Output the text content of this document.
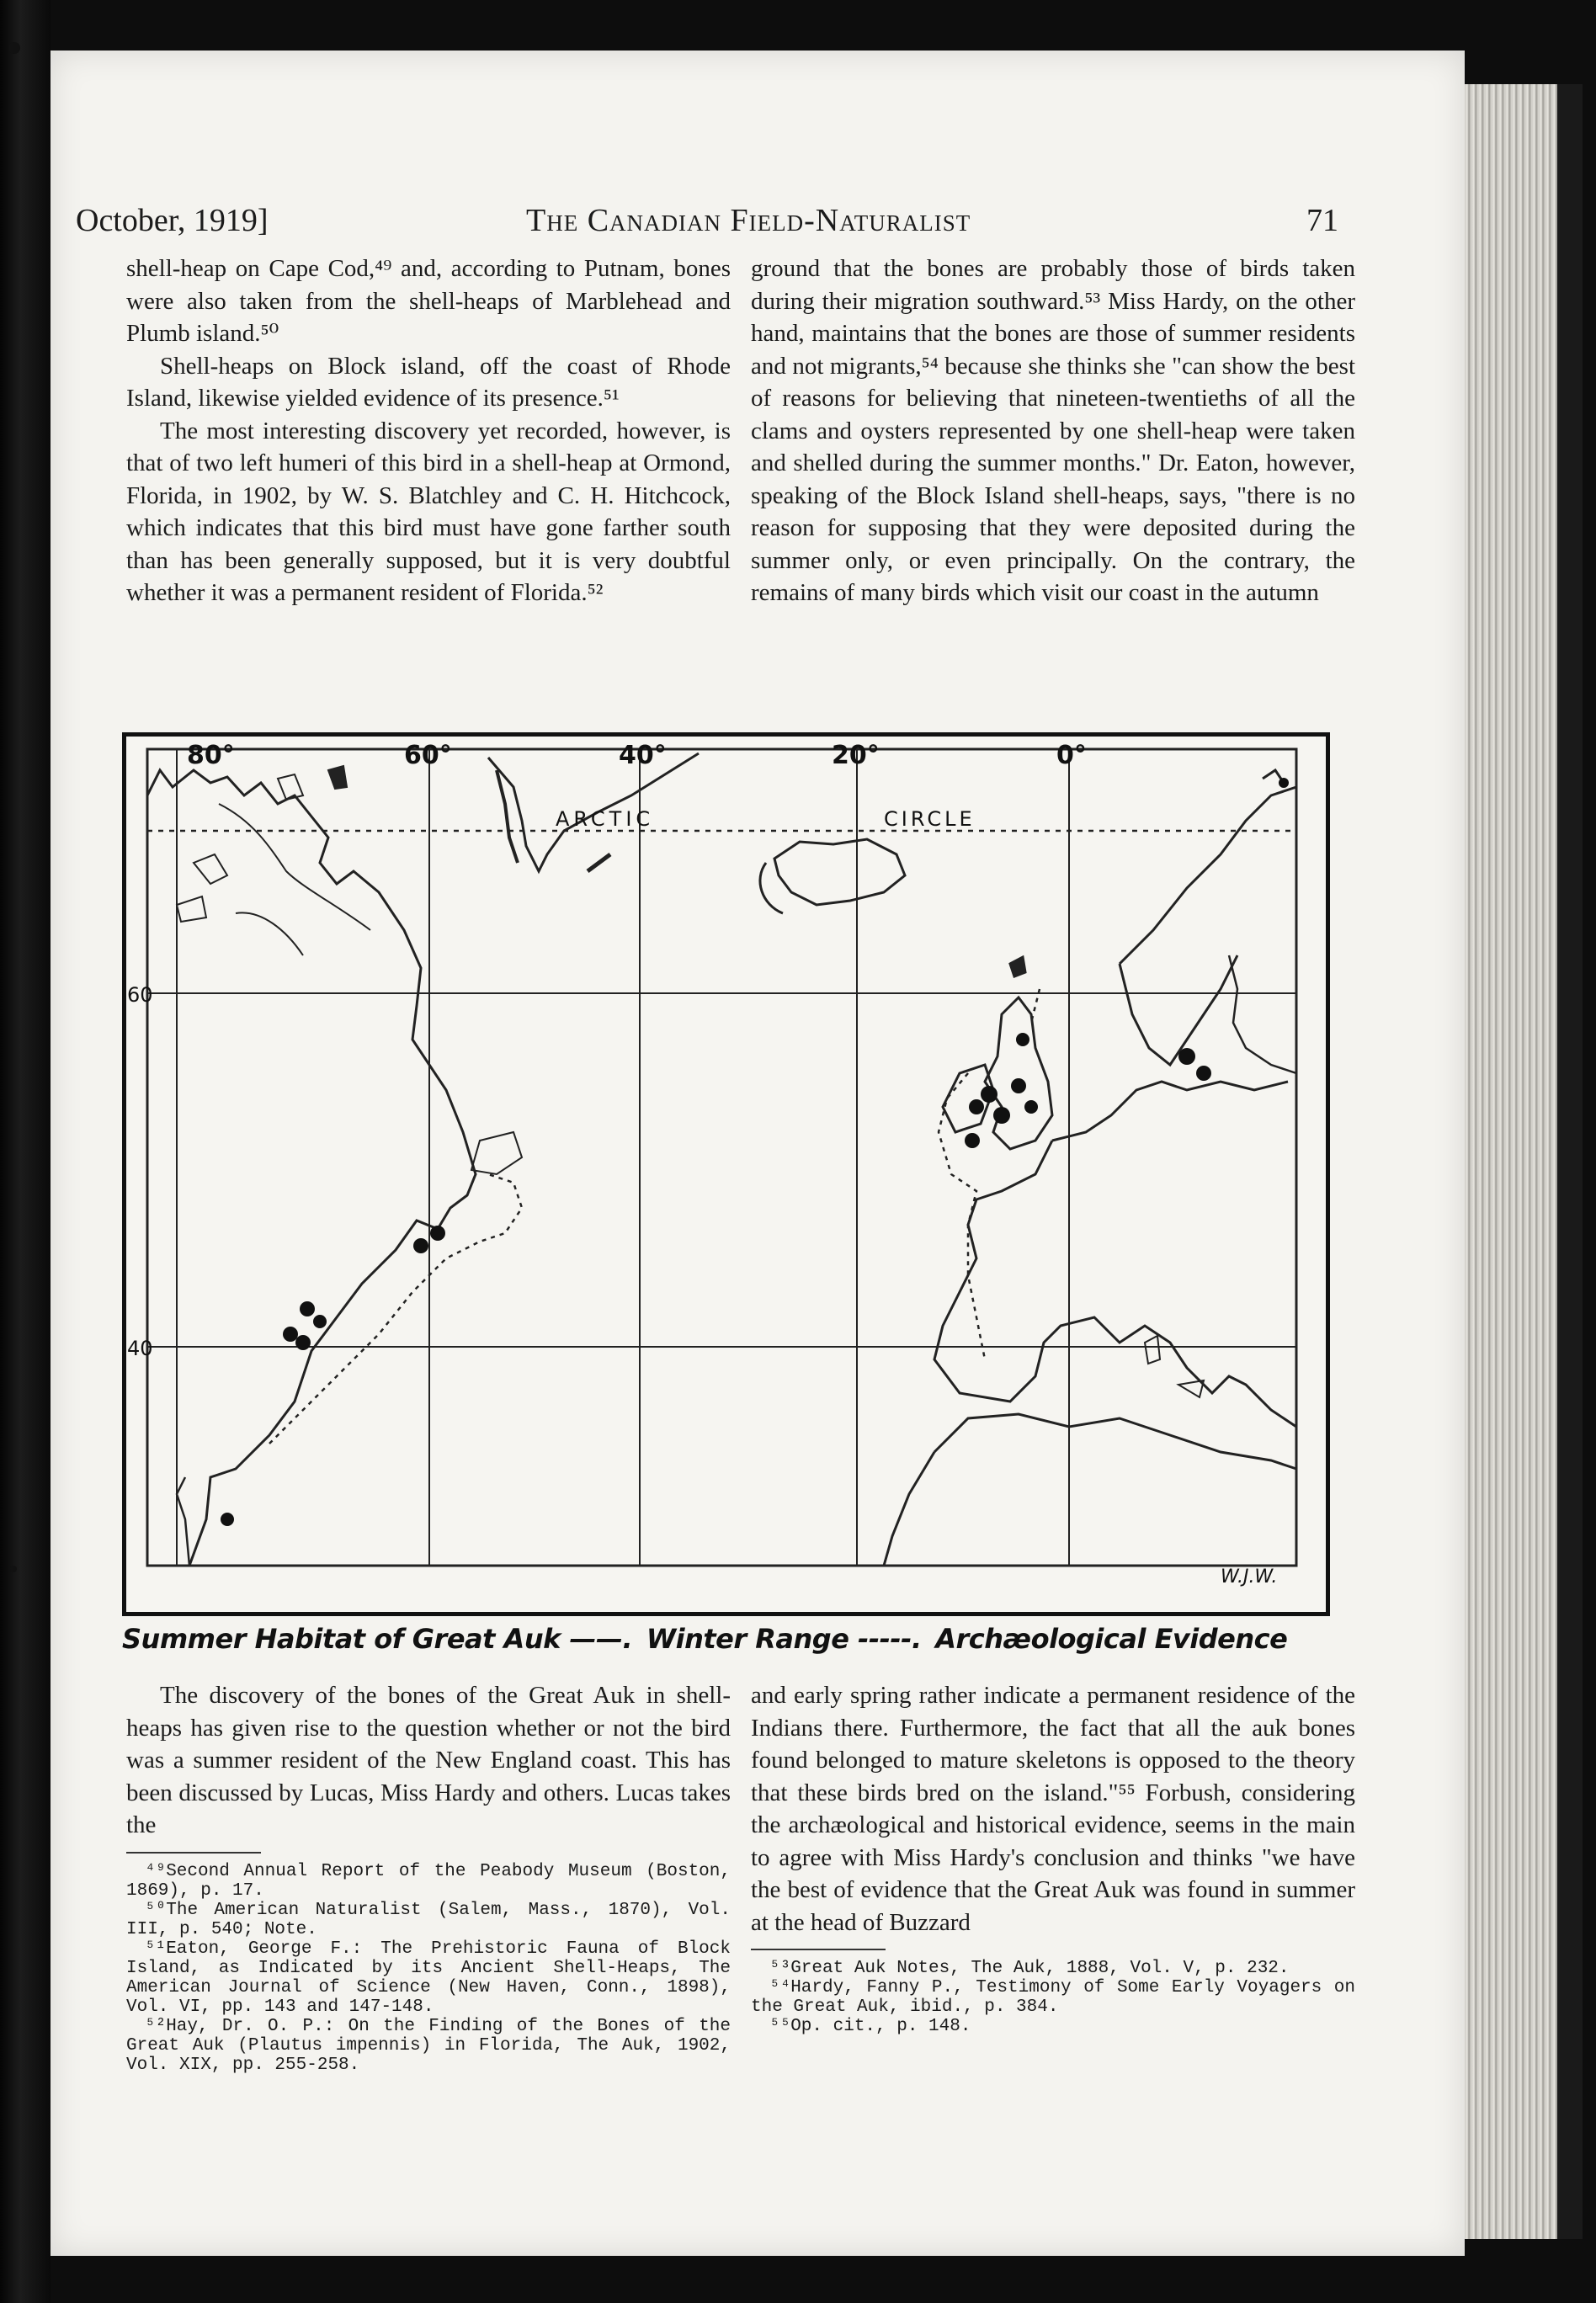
October, 1919]	The Canadian Field-Naturalist	71

shell-heap on Cape Cod,⁴⁹ and, according to Putnam, bones were also taken from the shell-heaps of Marblehead and Plumb island.⁵⁰

Shell-heaps on Block island, off the coast of Rhode Island, likewise yielded evidence of its presence.⁵¹

The most interesting discovery yet recorded, however, is that of two left humeri of this bird in a shell-heap at Ormond, Florida, in 1902, by W. S. Blatchley and C. H. Hitchcock, which indicates that this bird must have gone farther south than has been generally supposed, but it is very doubtful whether it was a permanent resident of Florida.⁵²

ground that the bones are probably those of birds taken during their migration southward.⁵³ Miss Hardy, on the other hand, maintains that the bones are those of summer residents and not migrants,⁵⁴ because she thinks she "can show the best of reasons for believing that nineteen-twentieths of all the clams and oysters represented by one shell-heap were taken and shelled during the summer months." Dr. Eaton, however, speaking of the Block Island shell-heaps, says, "there is no reason for supposing that they were deposited during the summer only, or even principally. On the contrary, the remains of many birds which visit our coast in the autumn

80°	60°	40°	20°	0°
60
40
ARCTIC	CIRCLE
W.J.W.
Summer Habitat of Great Auk ——. Winter Range -----. Archæological Evidence

The discovery of the bones of the Great Auk in shell-heaps has given rise to the question whether or not the bird was a summer resident of the New England coast. This has been discussed by Lucas, Miss Hardy and others. Lucas takes the

⁴⁹Second Annual Report of the Peabody Museum (Boston, 1869), p. 17.

⁵⁰The American Naturalist (Salem, Mass., 1870), Vol. III, p. 540; Note.

⁵¹Eaton, George F.: The Prehistoric Fauna of Block Island, as Indicated by its Ancient Shell-Heaps, The American Journal of Science (New Haven, Conn., 1898), Vol. VI, pp. 143 and 147-148.

⁵²Hay, Dr. O. P.: On the Finding of the Bones of the Great Auk (Plautus impennis) in Florida, The Auk, 1902, Vol. XIX, pp. 255-258.

and early spring rather indicate a permanent residence of the Indians there. Furthermore, the fact that all the auk bones found belonged to mature skeletons is opposed to the theory that these birds bred on the island."⁵⁵ Forbush, considering the archæological and historical evidence, seems in the main to agree with Miss Hardy's conclusion and thinks "we have the best of evidence that the Great Auk was found in summer at the head of Buzzard

⁵³Great Auk Notes, The Auk, 1888, Vol. V, p. 232.

⁵⁴Hardy, Fanny P., Testimony of Some Early Voyagers on the Great Auk, ibid., p. 384.

⁵⁵Op. cit., p. 148.
